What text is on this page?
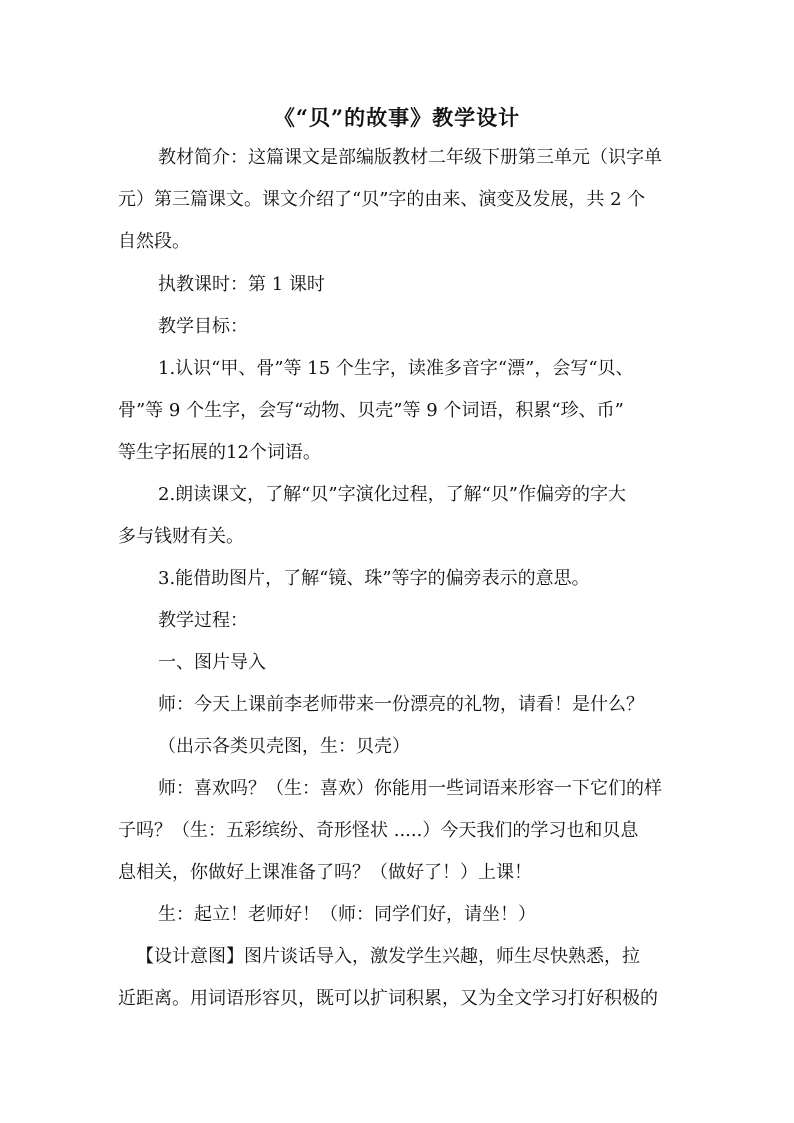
《“贝”的故事》教学设计
教材简介：这篇课文是部编版教材二年级下册第三单元（识字单
元）第三篇课文。课文介绍了“贝”字的由来、演变及发展，共 2 个
自然段。
执教课时：第 1 课时
教学目标：
1.认识“甲、骨”等 15 个生字，读准多音字“漂”，会写“贝、
骨”等 9 个生字，会写“动物、贝壳”等 9 个词语，积累“珍、币”
等生字拓展的12个词语。
2.朗读课文，了解“贝”字演化过程，了解“贝”作偏旁的字大
多与钱财有关。
3.能借助图片，了解“镜、珠”等字的偏旁表示的意思。
教学过程：
一、图片导入
师：今天上课前李老师带来一份漂亮的礼物，请看！是什么？
（出示各类贝壳图，生：贝壳）
师：喜欢吗？（生：喜欢）你能用一些词语来形容一下它们的样
子吗？（生：五彩缤纷、奇形怪状 .....）今天我们的学习也和贝息
息相关，你做好上课准备了吗？（做好了！）上课！
生：起立！老师好！（师：同学们好，请坐！）
【设计意图】图片谈话导入，激发学生兴趣，师生尽快熟悉，拉
近距离。用词语形容贝，既可以扩词积累，又为全文学习打好积极的
